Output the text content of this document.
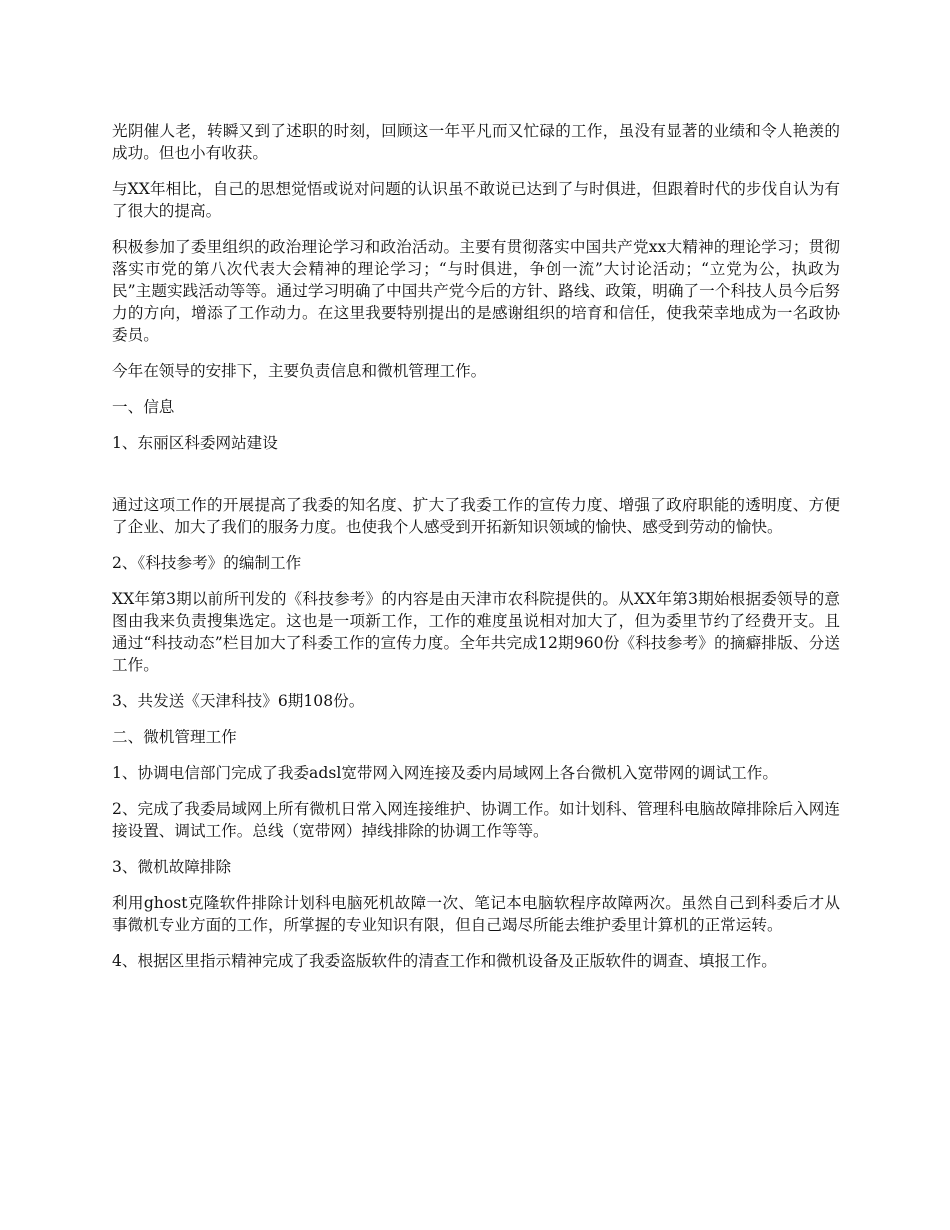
光阴催人老，转瞬又到了述职的时刻，回顾这一年平凡而又忙碌的工作，虽没有显著的业绩和令人艳羡的成功。但也小有收获。

与XX年相比，自己的思想觉悟或说对问题的认识虽不敢说已达到了与时俱进，但跟着时代的步伐自认为有了很大的提高。

积极参加了委里组织的政治理论学习和政治活动。主要有贯彻落实中国共产党xx大精神的理论学习；贯彻落实市党的第八次代表大会精神的理论学习；“与时俱进，争创一流”大讨论活动；“立党为公，执政为民”主题实践活动等等。通过学习明确了中国共产党今后的方针、路线、政策，明确了一个科技人员今后努力的方向，增添了工作动力。在这里我要特别提出的是感谢组织的培育和信任，使我荣幸地成为一名政协委员。

今年在领导的安排下，主要负责信息和微机管理工作。

一、信息

1、东丽区科委网站建设

通过这项工作的开展提高了我委的知名度、扩大了我委工作的宣传力度、增强了政府职能的透明度、方便了企业、加大了我们的服务力度。也使我个人感受到开拓新知识领域的愉快、感受到劳动的愉快。

2、《科技参考》的编制工作

XX年第3期以前所刊发的《科技参考》的内容是由天津市农科院提供的。从XX年第3期始根据委领导的意图由我来负责搜集选定。这也是一项新工作，工作的难度虽说相对加大了，但为委里节约了经费开支。且通过“科技动态”栏目加大了科委工作的宣传力度。全年共完成12期960份《科技参考》的摘癖排版、分送工作。

3、共发送《天津科技》6期108份。

二、微机管理工作

1、协调电信部门完成了我委adsl宽带网入网连接及委内局域网上各台微机入宽带网的调试工作。

2、完成了我委局域网上所有微机日常入网连接维护、协调工作。如计划科、管理科电脑故障排除后入网连接设置、调试工作。总线（宽带网）掉线排除的协调工作等等。

3、微机故障排除

利用ghost克隆软件排除计划科电脑死机故障一次、笔记本电脑软程序故障两次。虽然自己到科委后才从事微机专业方面的工作，所掌握的专业知识有限，但自己竭尽所能去维护委里计算机的正常运转。

4、根据区里指示精神完成了我委盗版软件的清查工作和微机设备及正版软件的调查、填报工作。
